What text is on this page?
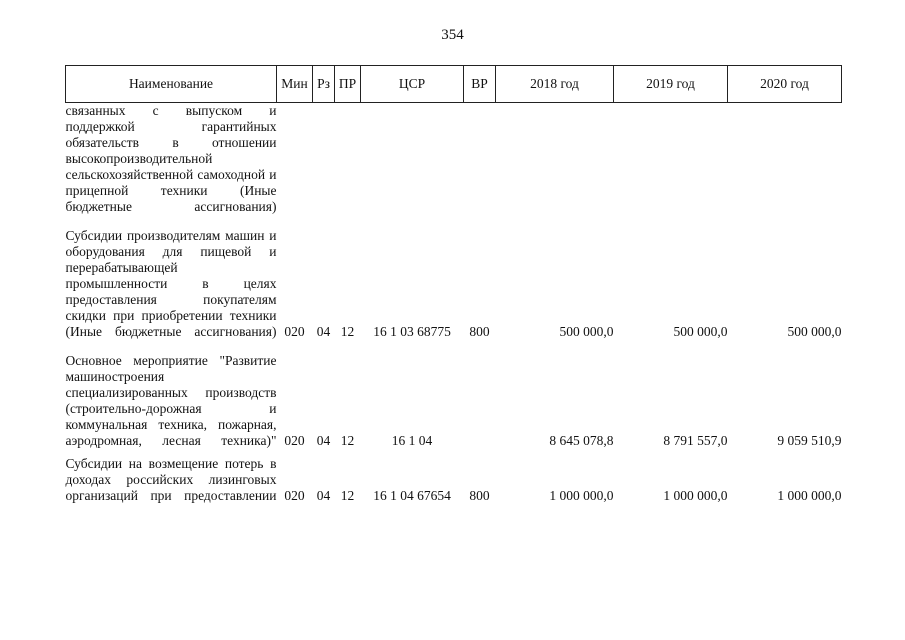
354
Наименование	Мин	Рз	ПР	ЦСР	ВР	2018 год	2019 год	2020 год
связанных с выпуском и поддержкой гарантийных обязательств в отношении высокопроизводительной сельскохозяйственной самоходной и прицепной техники (Иные бюджетные ассигнования)								

Субсидии производителям машин и оборудования для пищевой и перерабатывающей промышленности в целях предоставления покупателям скидки при приобретении техники (Иные бюджетные ассигнования)	020	04	12	16 1 03 68775	800	500 000,0	500 000,0	500 000,0

Основное мероприятие "Развитие машиностроения специализированных производств (строительно-дорожная и коммунальная техника, пожарная, аэродромная, лесная техника)"	020	04	12	16 1 04		8 645 078,8	8 791 557,0	9 059 510,9

Субсидии на возмещение потерь в доходах российских лизинговых организаций при предоставлении	020	04	12	16 1 04 67654	800	1 000 000,0	1 000 000,0	1 000 000,0
